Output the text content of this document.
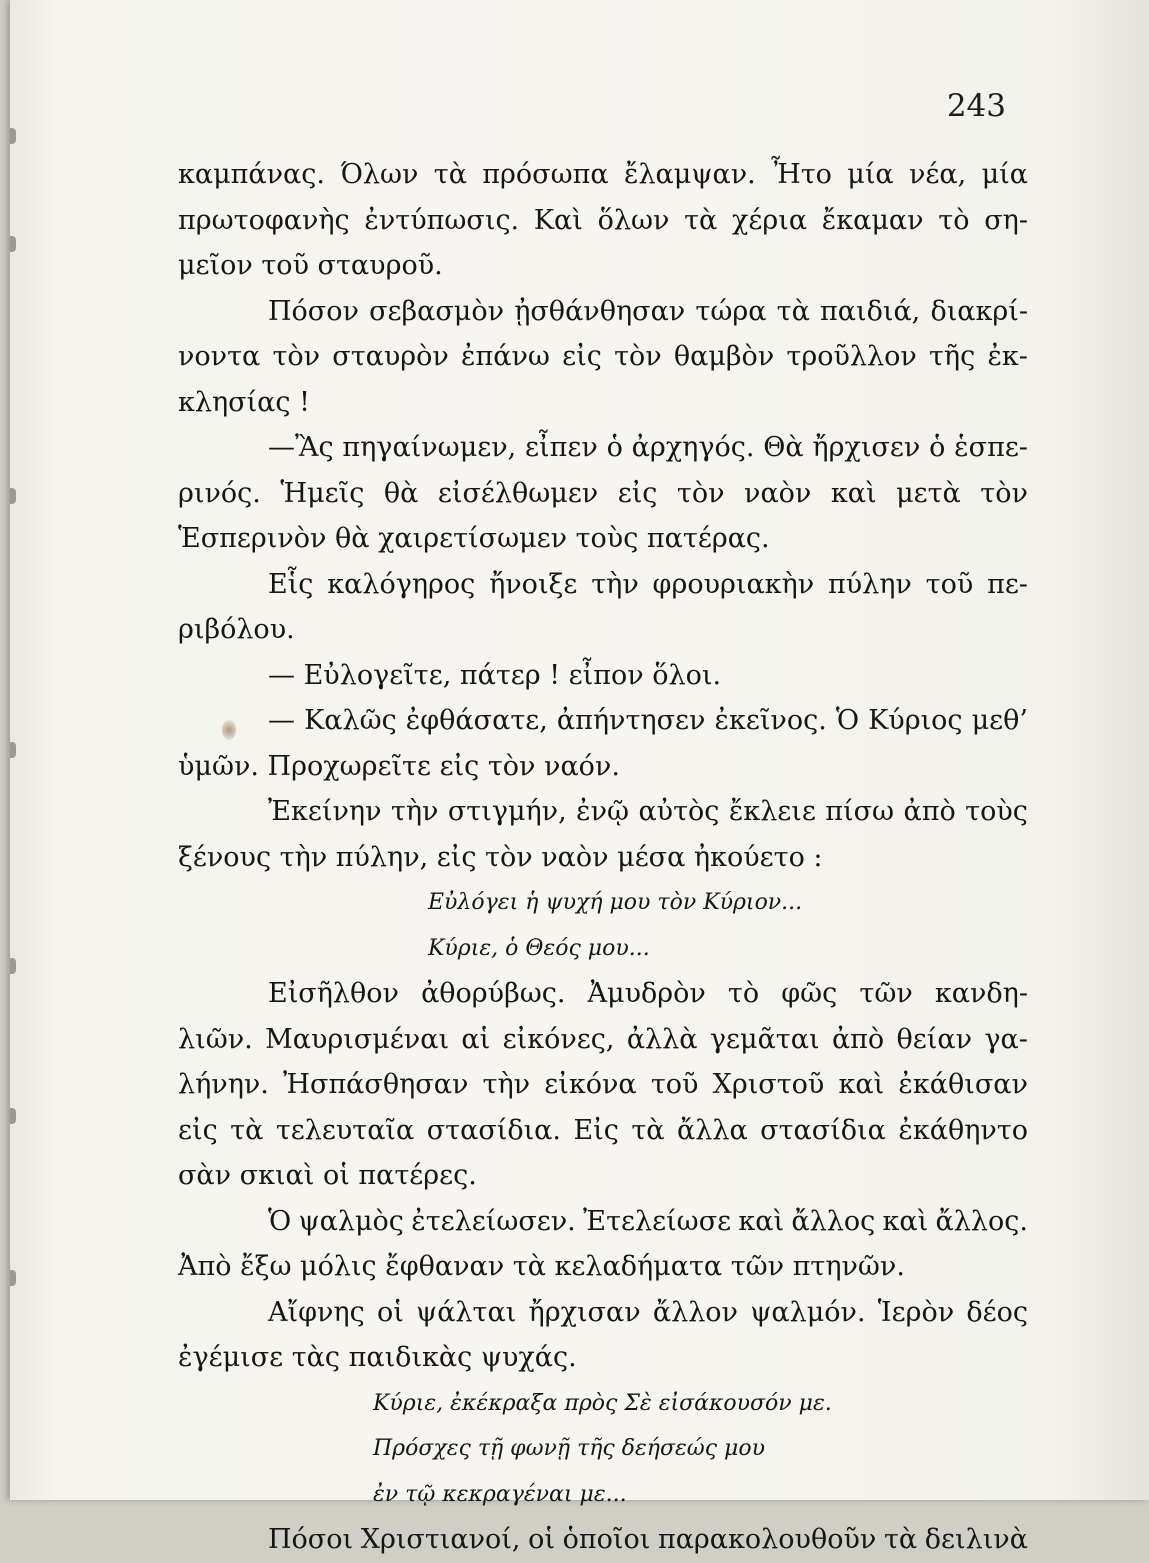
243
καμπάνας. Όλων τὰ πρόσωπα ἔλαμψαν. Ἦτο μία νέα, μία
πρωτοφανὴς ἐντύπωσις. Καὶ ὅλων τὰ χέρια ἔκαμαν τὸ ση-
μεῖον τοῦ σταυροῦ.
Πόσον σεβασμὸν ᾐσθάνθησαν τώρα τὰ παιδιά, διακρί-
νοντα τὸν σταυρὸν ἐπάνω εἰς τὸν θαμβὸν τροῦλλον τῆς ἐκ-
κλησίας !
—Ἂς πηγαίνωμεν, εἶπεν ὁ ἀρχηγός. Θὰ ἤρχισεν ὁ ἑσπε-
ρινός. Ἡμεῖς θὰ εἰσέλθωμεν εἰς τὸν ναὸν καὶ μετὰ τὸν
Ἑσπερινὸν θὰ χαιρετίσωμεν τοὺς πατέρας.
Εἷς καλόγηρος ἤνοιξε τὴν φρουριακὴν πύλην τοῦ πε-
ριβόλου.
— Εὐλογεῖτε, πάτερ ! εἶπον ὅλοι.
— Καλῶς ἐφθάσατε, ἀπήντησεν ἐκεῖνος. Ὁ Κύριος μεθ’
ὑμῶν. Προχωρεῖτε εἰς τὸν ναόν.
Ἐκείνην τὴν στιγμήν, ἐνῷ αὐτὸς ἔκλειε πίσω ἀπὸ τοὺς
ξένους τὴν πύλην, εἰς τὸν ναὸν μέσα ἠκούετο :
Εὐλόγει ἡ ψυχή μου τὸν Κύριον...
Κύριε, ὁ Θεός μου...
Εἰσῆλθον ἀθορύβως. Ἀμυδρὸν τὸ φῶς τῶν κανδη-
λιῶν. Μαυρισμέναι αἱ εἰκόνες, ἀλλὰ γεμᾶται ἀπὸ θείαν γα-
λήνην. Ἠσπάσθησαν τὴν εἰκόνα τοῦ Χριστοῦ καὶ ἐκάθισαν
εἰς τὰ τελευταῖα στασίδια. Εἰς τὰ ἄλλα στασίδια ἐκάθηντο
σὰν σκιαὶ οἱ πατέρες.
Ὁ ψαλμὸς ἐτελείωσεν. Ἐτελείωσε καὶ ἄλλος καὶ ἄλλος.
Ἀπὸ ἔξω μόλις ἔφθαναν τὰ κελαδήματα τῶν πτηνῶν.
Αἴφνης οἱ ψάλται ἤρχισαν ἄλλον ψαλμόν. Ἱερὸν δέος
ἐγέμισε τὰς παιδικὰς ψυχάς.
Κύριε, ἐκέκραξα πρὸς Σὲ εἰσάκουσόν με.
Πρόσχες τῇ φωνῇ τῆς δεήσεώς μου
ἐν τῷ κεκραγέναι με...
Πόσοι Χριστιανοί, οἱ ὁποῖοι παρακολουθοῦν τὰ δειλινὰ
